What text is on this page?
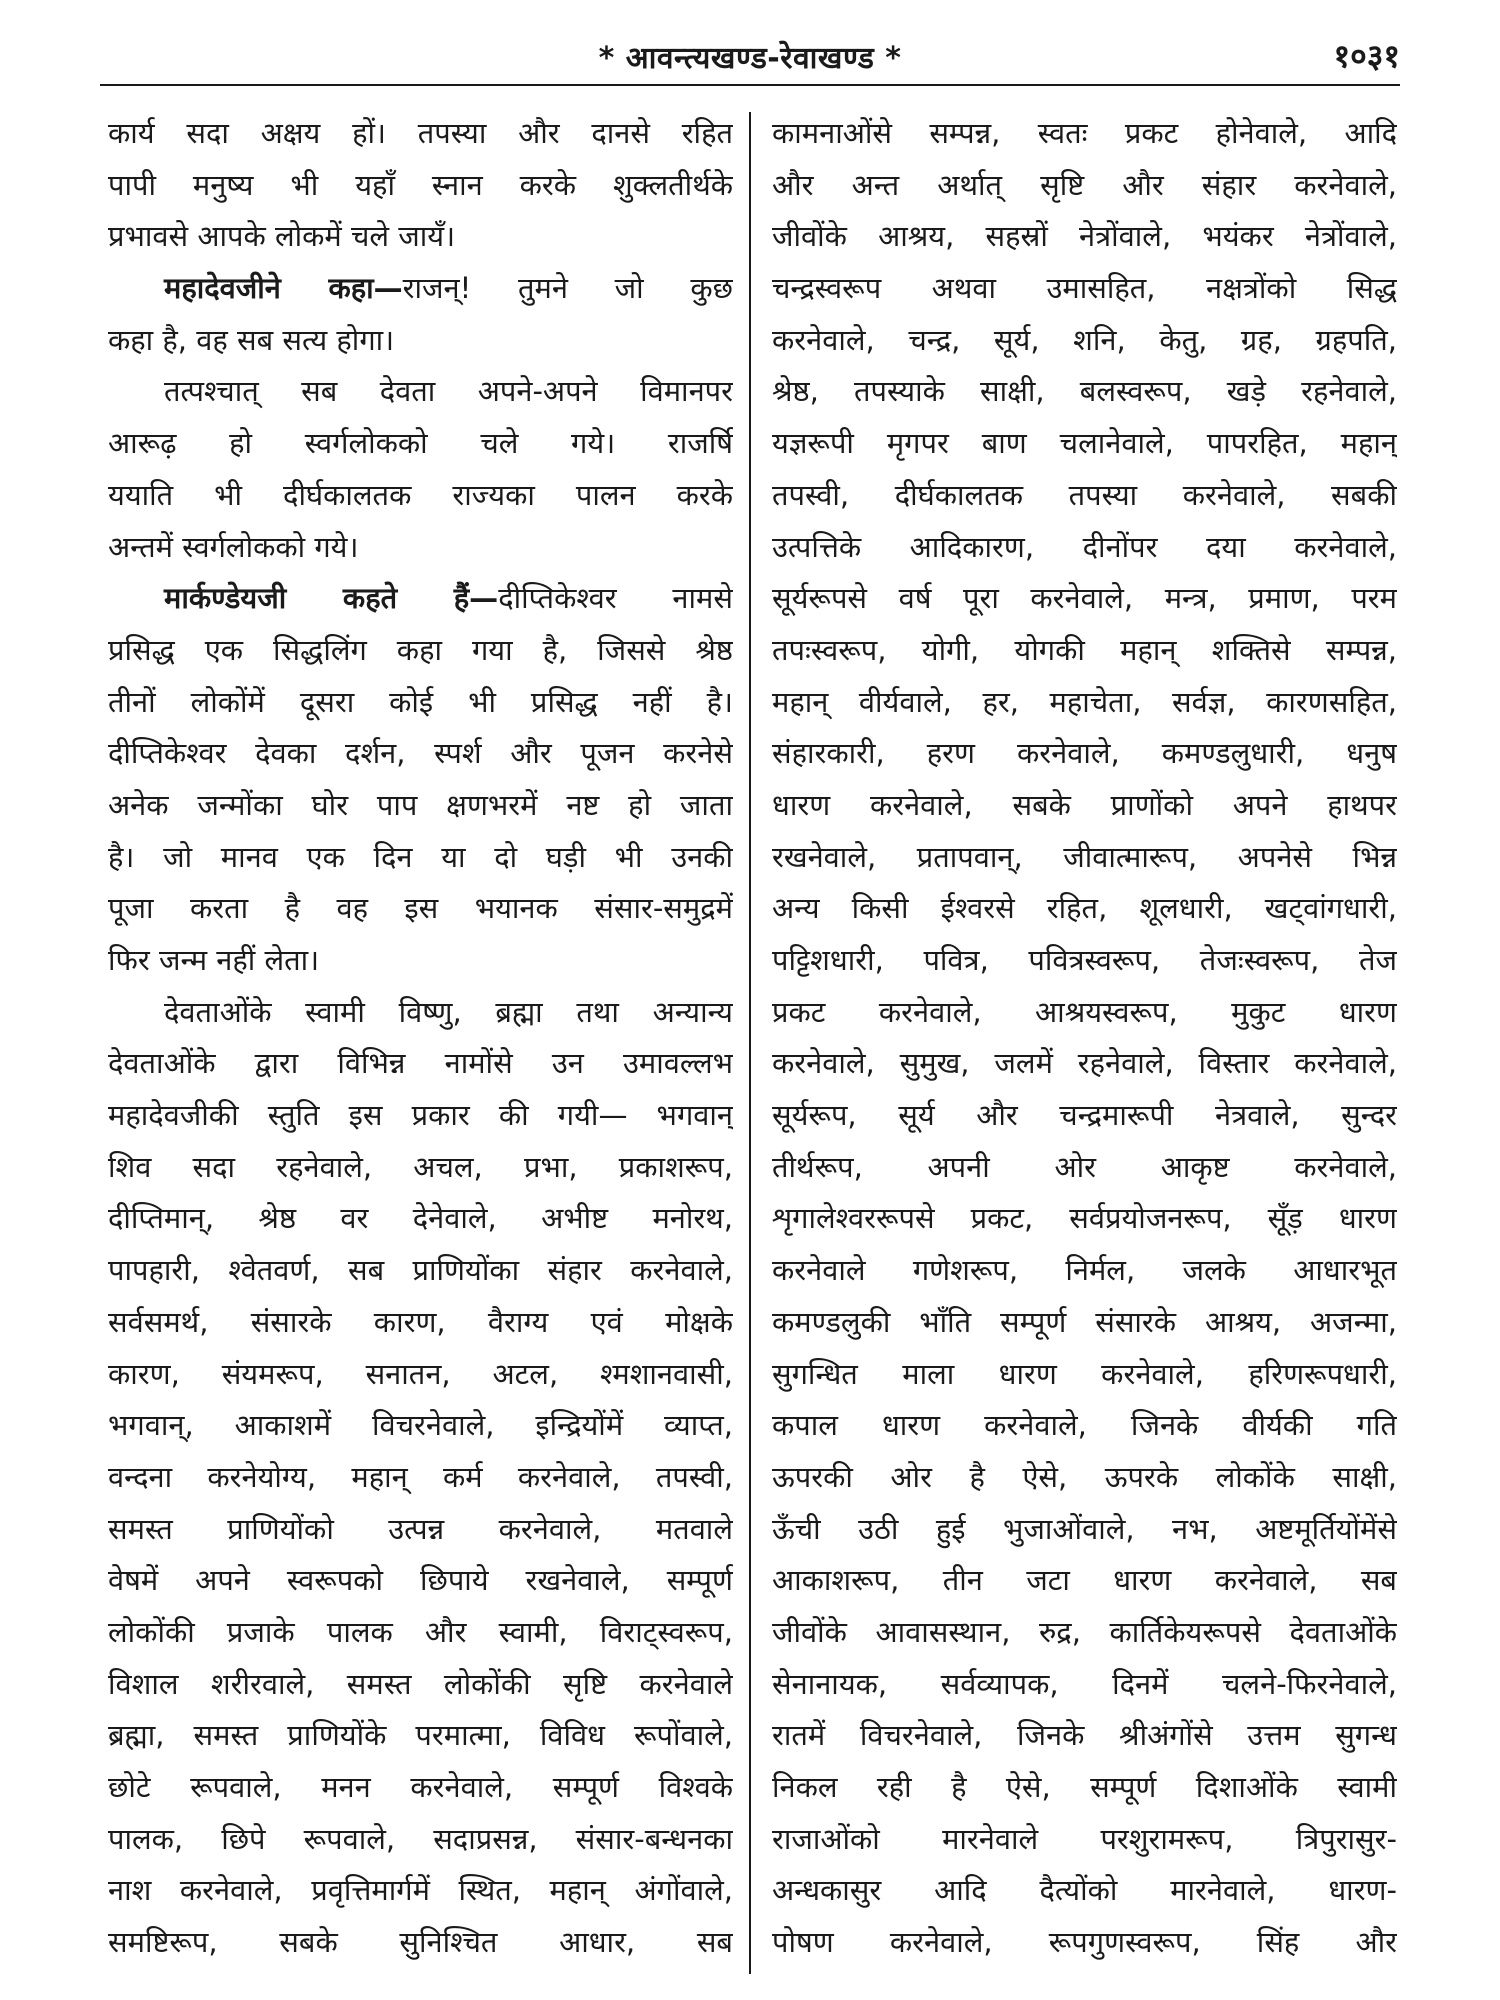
* आवन्त्यखण्ड-रेवाखण्ड *	१०३१
कार्य सदा अक्षय हों। तपस्या और दानसे रहित
पापी मनुष्य भी यहाँ स्नान करके शुक्लतीर्थके
प्रभावसे आपके लोकमें चले जायँ।
महादेवजीने कहा—राजन्! तुमने जो कुछ
कहा है, वह सब सत्य होगा।
तत्पश्चात् सब देवता अपने-अपने विमानपर
आरूढ़ हो स्वर्गलोकको चले गये। राजर्षि
ययाति भी दीर्घकालतक राज्यका पालन करके
अन्तमें स्वर्गलोकको गये।
मार्कण्डेयजी कहते हैं—दीप्तिकेश्वर नामसे
प्रसिद्ध एक सिद्धलिंग कहा गया है, जिससे श्रेष्ठ
तीनों लोकोंमें दूसरा कोई भी प्रसिद्ध नहीं है।
दीप्तिकेश्वर देवका दर्शन, स्पर्श और पूजन करनेसे
अनेक जन्मोंका घोर पाप क्षणभरमें नष्ट हो जाता
है। जो मानव एक दिन या दो घड़ी भी उनकी
पूजा करता है वह इस भयानक संसार-समुद्रमें
फिर जन्म नहीं लेता।
देवताओंके स्वामी विष्णु, ब्रह्मा तथा अन्यान्य
देवताओंके द्वारा विभिन्न नामोंसे उन उमावल्लभ
महादेवजीकी स्तुति इस प्रकार की गयी— भगवान्
शिव सदा रहनेवाले, अचल, प्रभा, प्रकाशरूप,
दीप्तिमान्, श्रेष्ठ वर देनेवाले, अभीष्ट मनोरथ,
पापहारी, श्वेतवर्ण, सब प्राणियोंका संहार करनेवाले,
सर्वसमर्थ, संसारके कारण, वैराग्य एवं मोक्षके
कारण, संयमरूप, सनातन, अटल, श्मशानवासी,
भगवान्, आकाशमें विचरनेवाले, इन्द्रियोंमें व्याप्त,
वन्दना करनेयोग्य, महान् कर्म करनेवाले, तपस्वी,
समस्त प्राणियोंको उत्पन्न करनेवाले, मतवाले
वेषमें अपने स्वरूपको छिपाये रखनेवाले, सम्पूर्ण
लोकोंकी प्रजाके पालक और स्वामी, विराट्स्वरूप,
विशाल शरीरवाले, समस्त लोकोंकी सृष्टि करनेवाले
ब्रह्मा, समस्त प्राणियोंके परमात्मा, विविध रूपोंवाले,
छोटे रूपवाले, मनन करनेवाले, सम्पूर्ण विश्वके
पालक, छिपे रूपवाले, सदाप्रसन्न, संसार-बन्धनका
नाश करनेवाले, प्रवृत्तिमार्गमें स्थित, महान् अंगोंवाले,
समष्टिरूप, सबके सुनिश्चित आधार, सब
कामनाओंसे सम्पन्न, स्वतः प्रकट होनेवाले, आदि
और अन्त अर्थात् सृष्टि और संहार करनेवाले,
जीवोंके आश्रय, सहस्रों नेत्रोंवाले, भयंकर नेत्रोंवाले,
चन्द्रस्वरूप अथवा उमासहित, नक्षत्रोंको सिद्ध
करनेवाले, चन्द्र, सूर्य, शनि, केतु, ग्रह, ग्रहपति,
श्रेष्ठ, तपस्याके साक्षी, बलस्वरूप, खड़े रहनेवाले,
यज्ञरूपी मृगपर बाण चलानेवाले, पापरहित, महान्
तपस्वी, दीर्घकालतक तपस्या करनेवाले, सबकी
उत्पत्तिके आदिकारण, दीनोंपर दया करनेवाले,
सूर्यरूपसे वर्ष पूरा करनेवाले, मन्त्र, प्रमाण, परम
तपःस्वरूप, योगी, योगकी महान् शक्तिसे सम्पन्न,
महान् वीर्यवाले, हर, महाचेता, सर्वज्ञ, कारणसहित,
संहारकारी, हरण करनेवाले, कमण्डलुधारी, धनुष
धारण करनेवाले, सबके प्राणोंको अपने हाथपर
रखनेवाले, प्रतापवान्, जीवात्मारूप, अपनेसे भिन्न
अन्य किसी ईश्वरसे रहित, शूलधारी, खट्वांगधारी,
पट्टिशधारी, पवित्र, पवित्रस्वरूप, तेजःस्वरूप, तेज
प्रकट करनेवाले, आश्रयस्वरूप, मुकुट धारण
करनेवाले, सुमुख, जलमें रहनेवाले, विस्तार करनेवाले,
सूर्यरूप, सूर्य और चन्द्रमारूपी नेत्रवाले, सुन्दर
तीर्थरूप, अपनी ओर आकृष्ट करनेवाले,
शृगालेश्वररूपसे प्रकट, सर्वप्रयोजनरूप, सूँड़ धारण
करनेवाले गणेशरूप, निर्मल, जलके आधारभूत
कमण्डलुकी भाँति सम्पूर्ण संसारके आश्रय, अजन्मा,
सुगन्धित माला धारण करनेवाले, हरिणरूपधारी,
कपाल धारण करनेवाले, जिनके वीर्यकी गति
ऊपरकी ओर है ऐसे, ऊपरके लोकोंके साक्षी,
ऊँची उठी हुई भुजाओंवाले, नभ, अष्टमूर्तियोंमेंसे
आकाशरूप, तीन जटा धारण करनेवाले, सब
जीवोंके आवासस्थान, रुद्र, कार्तिकेयरूपसे देवताओंके
सेनानायक, सर्वव्यापक, दिनमें चलने-फिरनेवाले,
रातमें विचरनेवाले, जिनके श्रीअंगोंसे उत्तम सुगन्ध
निकल रही है ऐसे, सम्पूर्ण दिशाओंके स्वामी
राजाओंको मारनेवाले परशुरामरूप, त्रिपुरासुर-
अन्धकासुर आदि दैत्योंको मारनेवाले, धारण-
पोषण करनेवाले, रूपगुणस्वरूप, सिंह और
